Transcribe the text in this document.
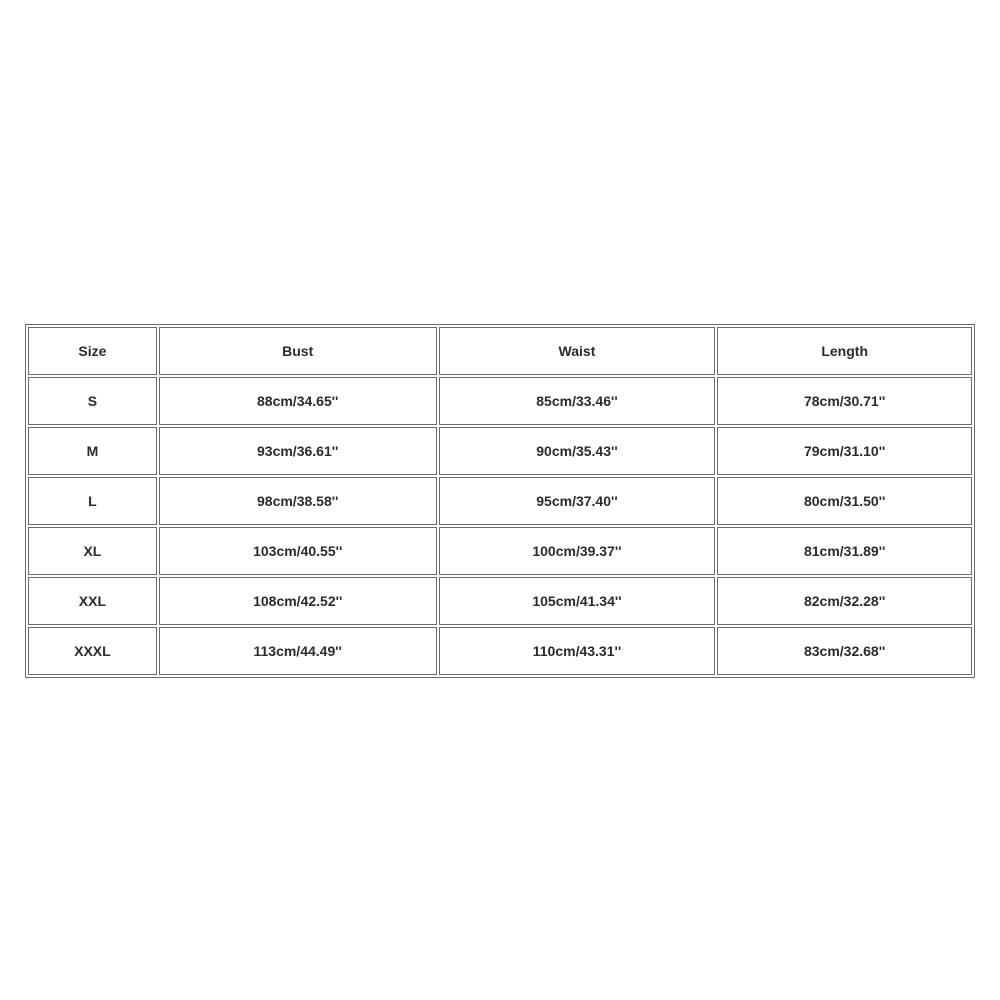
Size	Bust	Waist	Length
S	88cm/34.65''	85cm/33.46''	78cm/30.71''
M	93cm/36.61''	90cm/35.43''	79cm/31.10''
L	98cm/38.58''	95cm/37.40''	80cm/31.50''
XL	103cm/40.55''	100cm/39.37''	81cm/31.89''
XXL	108cm/42.52''	105cm/41.34''	82cm/32.28''
XXXL	113cm/44.49''	110cm/43.31''	83cm/32.68''
